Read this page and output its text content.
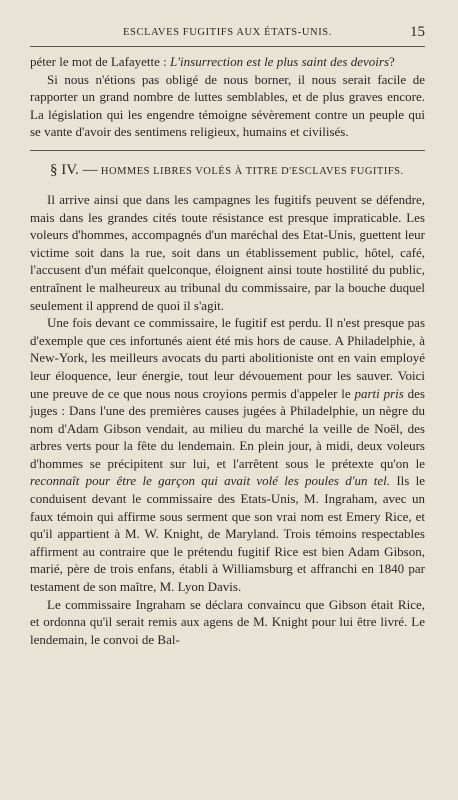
ESCLAVES FUGITIFS AUX ÉTATS-UNIS.	15

péter le mot de Lafayette : L'insurrection est le plus saint des devoirs?

Si nous n'étions pas obligé de nous borner, il nous serait facile de rapporter un grand nombre de luttes semblables, et de plus graves encore. La législation qui les engendre témoigne sévèrement contre un peuple qui se vante d'avoir des sentimens religieux, humains et civilisés.

§ IV. — HOMMES LIBRES VOLÉS À TITRE D'ESCLAVES FUGITIFS.

Il arrive ainsi que dans les campagnes les fugitifs peuvent se défendre, mais dans les grandes cités toute résistance est presque impraticable. Les voleurs d'hommes, accompagnés d'un maréchal des Etat-Unis, guettent leur victime soit dans la rue, soit dans un établissement public, hôtel, café, l'accusent d'un méfait quelconque, éloignent ainsi toute hostilité du public, entraînent le malheureux au tribunal du commissaire, par la bouche duquel seulement il apprend de quoi il s'agit.

Une fois devant ce commissaire, le fugitif est perdu. Il n'est presque pas d'exemple que ces infortunés aient été mis hors de cause. A Philadelphie, à New-York, les meilleurs avocats du parti abolitioniste ont en vain employé leur éloquence, leur énergie, tout leur dévouement pour les sauver. Voici une preuve de ce que nous nous croyions permis d'appeler le parti pris des juges : Dans l'une des premières causes jugées à Philadelphie, un nègre du nom d'Adam Gibson vendait, au milieu du marché la veille de Noël, des arbres verts pour la fête du lendemain. En plein jour, à midi, deux voleurs d'hommes se précipitent sur lui, et l'arrêtent sous le prétexte qu'on le reconnaît pour être le garçon qui avait volé les poules d'un tel. Ils le conduisent devant le commissaire des Etats-Unis, M. Ingraham, avec un faux témoin qui affirme sous serment que son vrai nom est Emery Rice, et qu'il appartient à M. W. Knight, de Maryland. Trois témoins respectables affirment au contraire que le prétendu fugitif Rice est bien Adam Gibson, marié, père de trois enfans, établi à Williamsburg et affranchi en 1840 par testament de son maître, M. Lyon Davis.

Le commissaire Ingraham se déclara convaincu que Gibson était Rice, et ordonna qu'il serait remis aux agens de M. Knight pour lui être livré. Le lendemain, le convoi de Bal-
